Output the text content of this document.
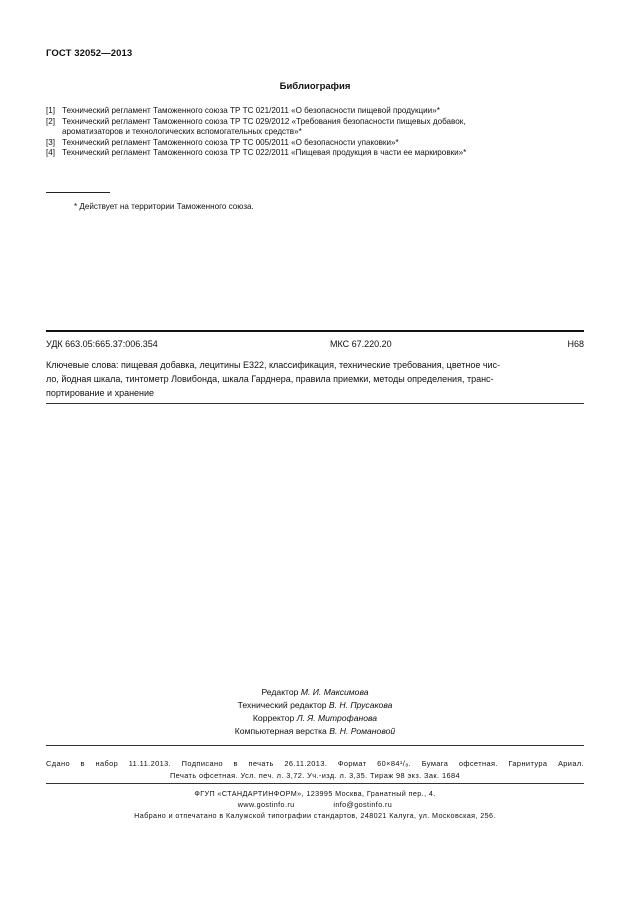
ГОСТ 32052—2013
Библиография
[1] Технический регламент Таможенного союза ТР ТС 021/2011 «О безопасности пищевой продукции»*
[2] Технический регламент Таможенного союза ТР ТС 029/2012 «Требования безопасности пищевых добавок,
ароматизаторов и технологических вспомогательных средств»*
[3] Технический регламент Таможенного союза ТР ТС 005/2011 «О безопасности упаковки»*
[4] Технический регламент Таможенного союза ТР ТС 022/2011 «Пищевая продукция в части ее маркировки»*
* Действует на территории Таможенного союза.
УДК 663.05:665.37:006.354	МКС 67.220.20	Н68
Ключевые слова: пищевая добавка, лецитины Е322, классификация, технические требования, цветное чис-
ло, йодная шкала, тинтометр Ловибонда, шкала Гарднера, правила приемки, методы определения, транс-
портирование и хранение
Редактор М. И. Максимова
Технический редактор В. Н. Прусакова
Корректор Л. Я. Митрофанова
Компьютерная верстка В. Н. Романовой
Сдано в набор 11.11.2013. Подписано в печать 26.11.2013. Формат 60×84¹/₈. Бумага офсетная. Гарнитура Ариал.
Печать офсетная. Усл. печ. л. 3,72. Уч.-изд. л. 3,35. Тираж 98 экз. Зак. 1684
ФГУП «СТАНДАРТИНФОРМ», 123995 Москва, Гранатный пер., 4.
www.gostinfo.ru	info@gostinfo.ru
Набрано и отпечатано в Калужской типографии стандартов, 248021 Калуга, ул. Московская, 256.
